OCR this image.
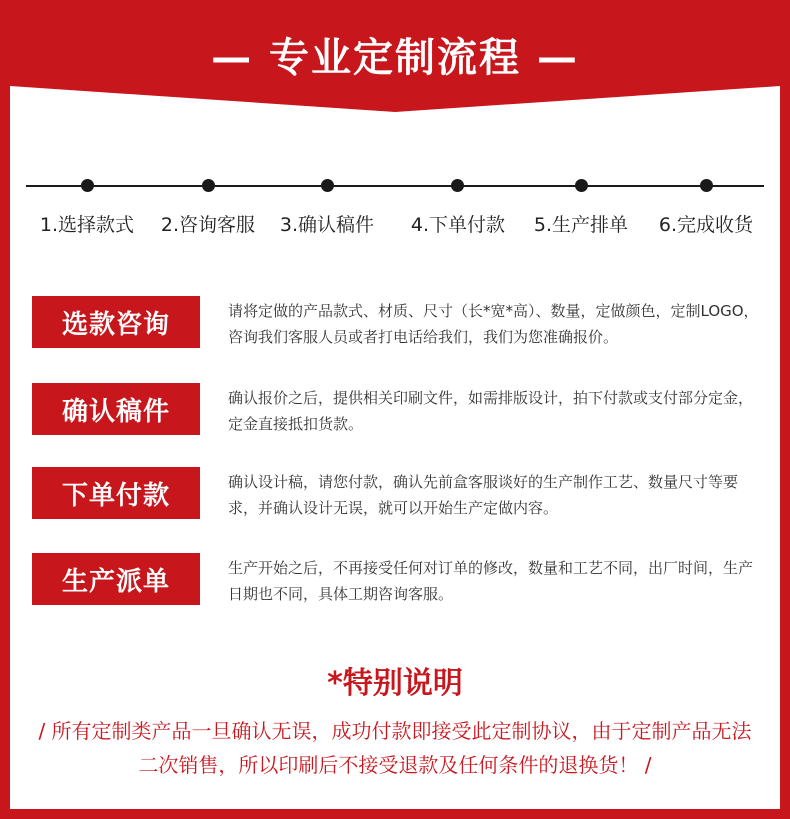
— 专业定制流程 —
1.选择款式	2.咨询客服	3.确认稿件	4.下单付款	5.生产排单	6.完成收货
选款咨询	请将定做的产品款式、材质、尺寸（长*宽*高）、数量，定做颜色，定制LOGO，咨询我们客服人员或者打电话给我们，我们为您准确报价。
确认稿件	确认报价之后，提供相关印刷文件，如需排版设计，拍下付款或支付部分定金，定金直接抵扣货款。
下单付款	确认设计稿，请您付款，确认先前盒客服谈好的生产制作工艺、数量尺寸等要求，并确认设计无误，就可以开始生产定做内容。
生产派单	生产开始之后，不再接受任何对订单的修改，数量和工艺不同，出厂时间，生产日期也不同，具体工期咨询客服。
*特别说明
/ 所有定制类产品一旦确认无误，成功付款即接受此定制协议，由于定制产品无法二次销售，所以印刷后不接受退款及任何条件的退换货！ /
